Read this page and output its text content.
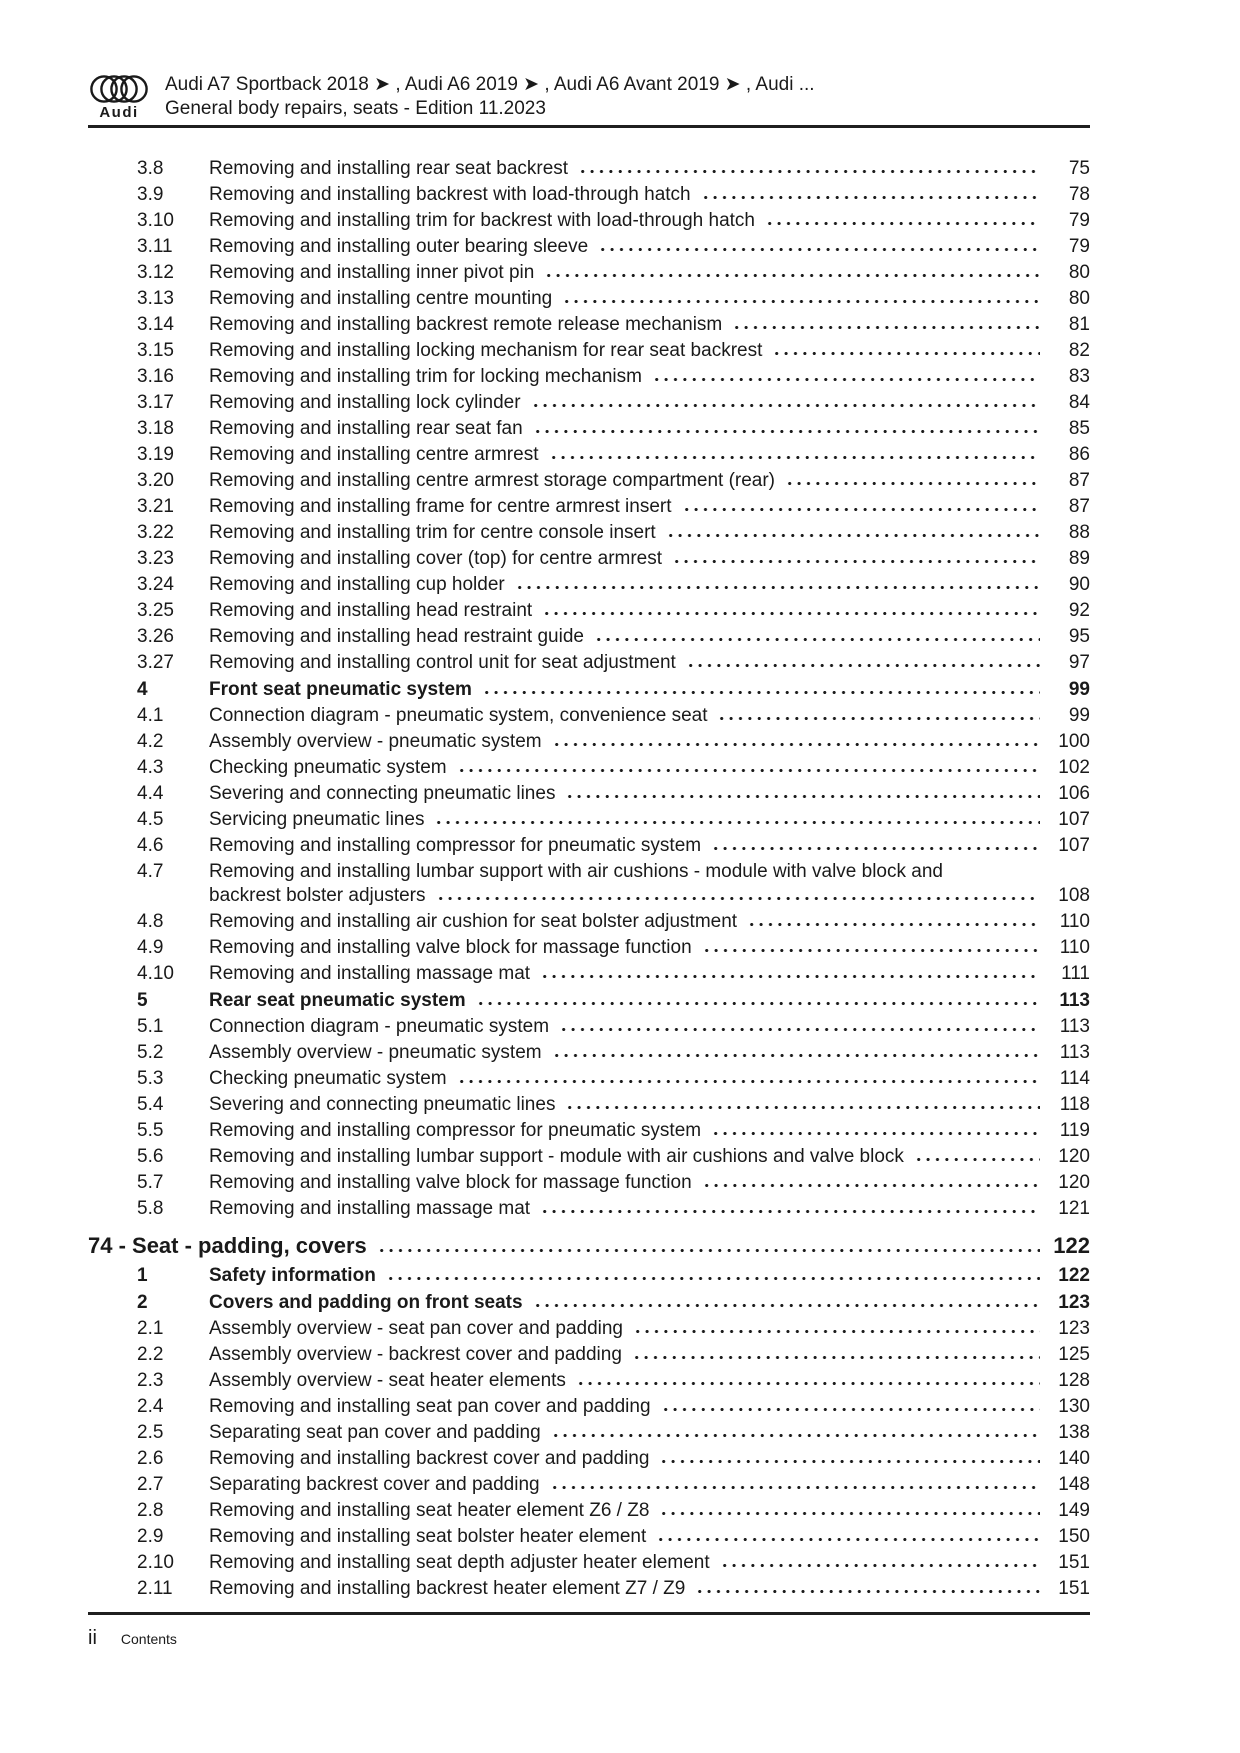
Audi
Audi A7 Sportback 2018 ➤ , Audi A6 2019 ➤ , Audi A6 Avant 2019 ➤ , Audi ...
General body repairs, seats - Edition 11.2023
3.8	Removing and installing rear seat backrest	75
3.9	Removing and installing backrest with load-through hatch	78
3.10	Removing and installing trim for backrest with load-through hatch	79
3.11	Removing and installing outer bearing sleeve	79
3.12	Removing and installing inner pivot pin	80
3.13	Removing and installing centre mounting	80
3.14	Removing and installing backrest remote release mechanism	81
3.15	Removing and installing locking mechanism for rear seat backrest	82
3.16	Removing and installing trim for locking mechanism	83
3.17	Removing and installing lock cylinder	84
3.18	Removing and installing rear seat fan	85
3.19	Removing and installing centre armrest	86
3.20	Removing and installing centre armrest storage compartment (rear)	87
3.21	Removing and installing frame for centre armrest insert	87
3.22	Removing and installing trim for centre console insert	88
3.23	Removing and installing cover (top) for centre armrest	89
3.24	Removing and installing cup holder	90
3.25	Removing and installing head restraint	92
3.26	Removing and installing head restraint guide	95
3.27	Removing and installing control unit for seat adjustment	97
4	Front seat pneumatic system	99
4.1	Connection diagram - pneumatic system, convenience seat	99
4.2	Assembly overview - pneumatic system	100
4.3	Checking pneumatic system	102
4.4	Severing and connecting pneumatic lines	106
4.5	Servicing pneumatic lines	107
4.6	Removing and installing compressor for pneumatic system	107
4.7	Removing and installing lumbar support with air cushions - module with valve block and
backrest bolster adjusters	108
4.8	Removing and installing air cushion for seat bolster adjustment	110
4.9	Removing and installing valve block for massage function	110
4.10	Removing and installing massage mat	111
5	Rear seat pneumatic system	113
5.1	Connection diagram - pneumatic system	113
5.2	Assembly overview - pneumatic system	113
5.3	Checking pneumatic system	114
5.4	Severing and connecting pneumatic lines	118
5.5	Removing and installing compressor for pneumatic system	119
5.6	Removing and installing lumbar support - module with air cushions and valve block	120
5.7	Removing and installing valve block for massage function	120
5.8	Removing and installing massage mat	121
74 - Seat - padding, covers	122
1	Safety information	122
2	Covers and padding on front seats	123
2.1	Assembly overview - seat pan cover and padding	123
2.2	Assembly overview - backrest cover and padding	125
2.3	Assembly overview - seat heater elements	128
2.4	Removing and installing seat pan cover and padding	130
2.5	Separating seat pan cover and padding	138
2.6	Removing and installing backrest cover and padding	140
2.7	Separating backrest cover and padding	148
2.8	Removing and installing seat heater element Z6 / Z8	149
2.9	Removing and installing seat bolster heater element	150
2.10	Removing and installing seat depth adjuster heater element	151
2.11	Removing and installing backrest heater element Z7 / Z9	151
ii Contents
